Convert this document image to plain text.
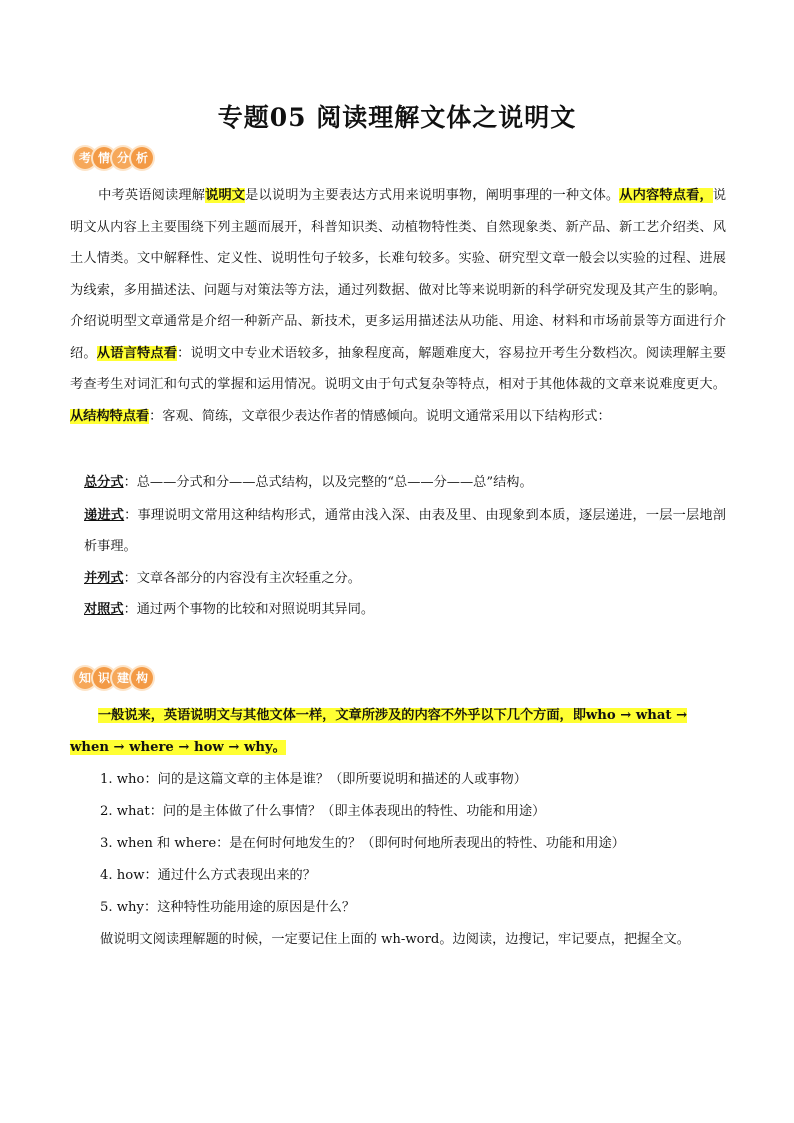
专题05 阅读理解文体之说明文
考 情 分 析
中考英语阅读理解说明文是以说明为主要表达方式用来说明事物，阐明事理的一种文体。从内容特点看，说明文从内容上主要围绕下列主题而展开，科普知识类、动植物特性类、自然现象类、新产品、新工艺介绍类、风土人情类。文中解释性、定义性、说明性句子较多，长难句较多。实验、研究型文章一般会以实验的过程、进展为线索，多用描述法、问题与对策法等方法，通过列数据、做对比等来说明新的科学研究发现及其产生的影响。介绍说明型文章通常是介绍一种新产品、新技术，更多运用描述法从功能、用途、材料和市场前景等方面进行介绍。从语言特点看：说明文中专业术语较多，抽象程度高，解题难度大，容易拉开考生分数档次。阅读理解主要考查考生对词汇和句式的掌握和运用情况。说明文由于句式复杂等特点，相对于其他体裁的文章来说难度更大。从结构特点看：客观、简练，文章很少表达作者的情感倾向。说明文通常采用以下结构形式：
总分式：总——分式和分——总式结构，以及完整的“总——分——总”结构。
递进式：事理说明文常用这种结构形式，通常由浅入深、由表及里、由现象到本质，逐层递进，一层一层地剖析事理。
并列式：文章各部分的内容没有主次轻重之分。
对照式：通过两个事物的比较和对照说明其异同。
知 识 建 构
一般说来，英语说明文与其他文体一样，文章所涉及的内容不外乎以下几个方面，即who → what →
when → where → how → why。
1. who：问的是这篇文章的主体是谁？（即所要说明和描述的人或事物）
2. what：问的是主体做了什么事情？（即主体表现出的特性、功能和用途）
3. when 和 where：是在何时何地发生的？（即何时何地所表现出的特性、功能和用途）
4. how：通过什么方式表现出来的？
5. why：这种特性功能用途的原因是什么？
做说明文阅读理解题的时候，一定要记住上面的 wh-word。边阅读，边搜记，牢记要点，把握全文。
